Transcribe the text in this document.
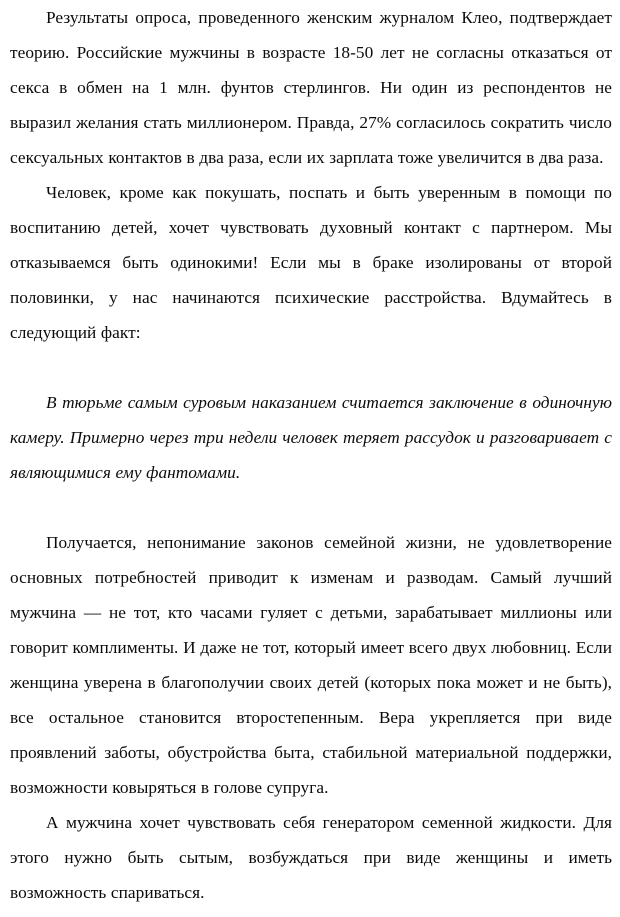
Результаты опроса, проведенного женским журналом Клео, подтверждает теорию. Российские мужчины в возрасте 18-50 лет не согласны отказаться от секса в обмен на 1 млн. фунтов стерлингов. Ни один из респондентов не выразил желания стать миллионером. Правда, 27% согласилось сократить число сексуальных контактов в два раза, если их зарплата тоже увеличится в два раза.

Человек, кроме как покушать, поспать и быть уверенным в помощи по воспитанию детей, хочет чувствовать духовный контакт с партнером. Мы отказываемся быть одинокими! Если мы в браке изолированы от второй половинки, у нас начинаются психические расстройства. Вдумайтесь в следующий факт:

В тюрьме самым суровым наказанием считается заключение в одиночную камеру. Примерно через три недели человек теряет рассудок и разговаривает с являющимися ему фантомами.

Получается, непонимание законов семейной жизни, не удовлетворение основных потребностей приводит к изменам и разводам. Самый лучший мужчина — не тот, кто часами гуляет с детьми, зарабатывает миллионы или говорит комплименты. И даже не тот, который имеет всего двух любовниц. Если женщина уверена в благополучии своих детей (которых пока может и не быть), все остальное становится второстепенным. Вера укрепляется при виде проявлений заботы, обустройства быта, стабильной материальной поддержки, возможности ковыряться в голове супруга.

А мужчина хочет чувствовать себя генератором семенной жидкости. Для этого нужно быть сытым, возбуждаться при виде женщины и иметь возможность спариваться.
